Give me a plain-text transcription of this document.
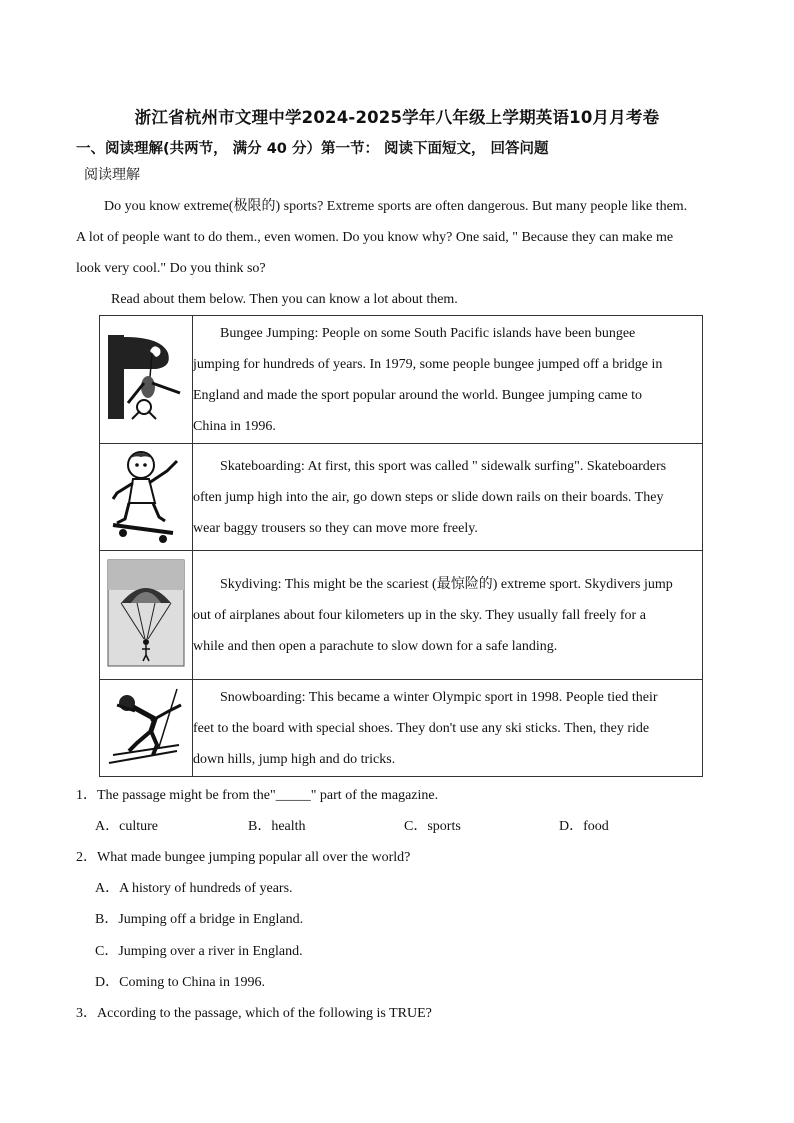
浙江省杭州市文理中学2024-2025学年八年级上学期英语10月月考卷
一、阅读理解(共两节， 满分 40 分）第一节： 阅读下面短文， 回答问题
阅读理解
Do you know extreme(极限的) sports? Extreme sports are often dangerous. But many people like them.
A lot of people want to do them., even women. Do you know why? One said, " Because they can make me
look very cool." Do you think so?
Read about them below. Then you can know a lot about them.

Bungee Jumping: People on some South Pacific islands have been bungee
jumping for hundreds of years. In 1979, some people bungee jumped off a bridge in
England and made the sport popular around the world. Bungee jumping came to
China in 1996.

Skateboarding: At first, this sport was called " sidewalk surfing". Skateboarders
often jump high into the air, go down steps or slide down rails on their boards. They
wear baggy trousers so they can move more freely.

Skydiving: This might be the scariest (最惊险的) extreme sport. Skydivers jump
out of airplanes about four kilometers up in the sky. They usually fall freely for a
while and then open a parachute to slow down for a safe landing.

Snowboarding: This became a winter Olympic sport in 1998. People tied their
feet to the board with special shoes. They don't use any ski sticks. Then, they ride
down hills, jump high and do tricks.
1．The passage might be from the"_____" part of the magazine.
A．culture	B．health	C．sports	D．food
2．What made bungee jumping popular all over the world?
A．A history of hundreds of years.
B．Jumping off a bridge in England.
C．Jumping over a river in England.
D．Coming to China in 1996.
3．According to the passage, which of the following is TRUE?
